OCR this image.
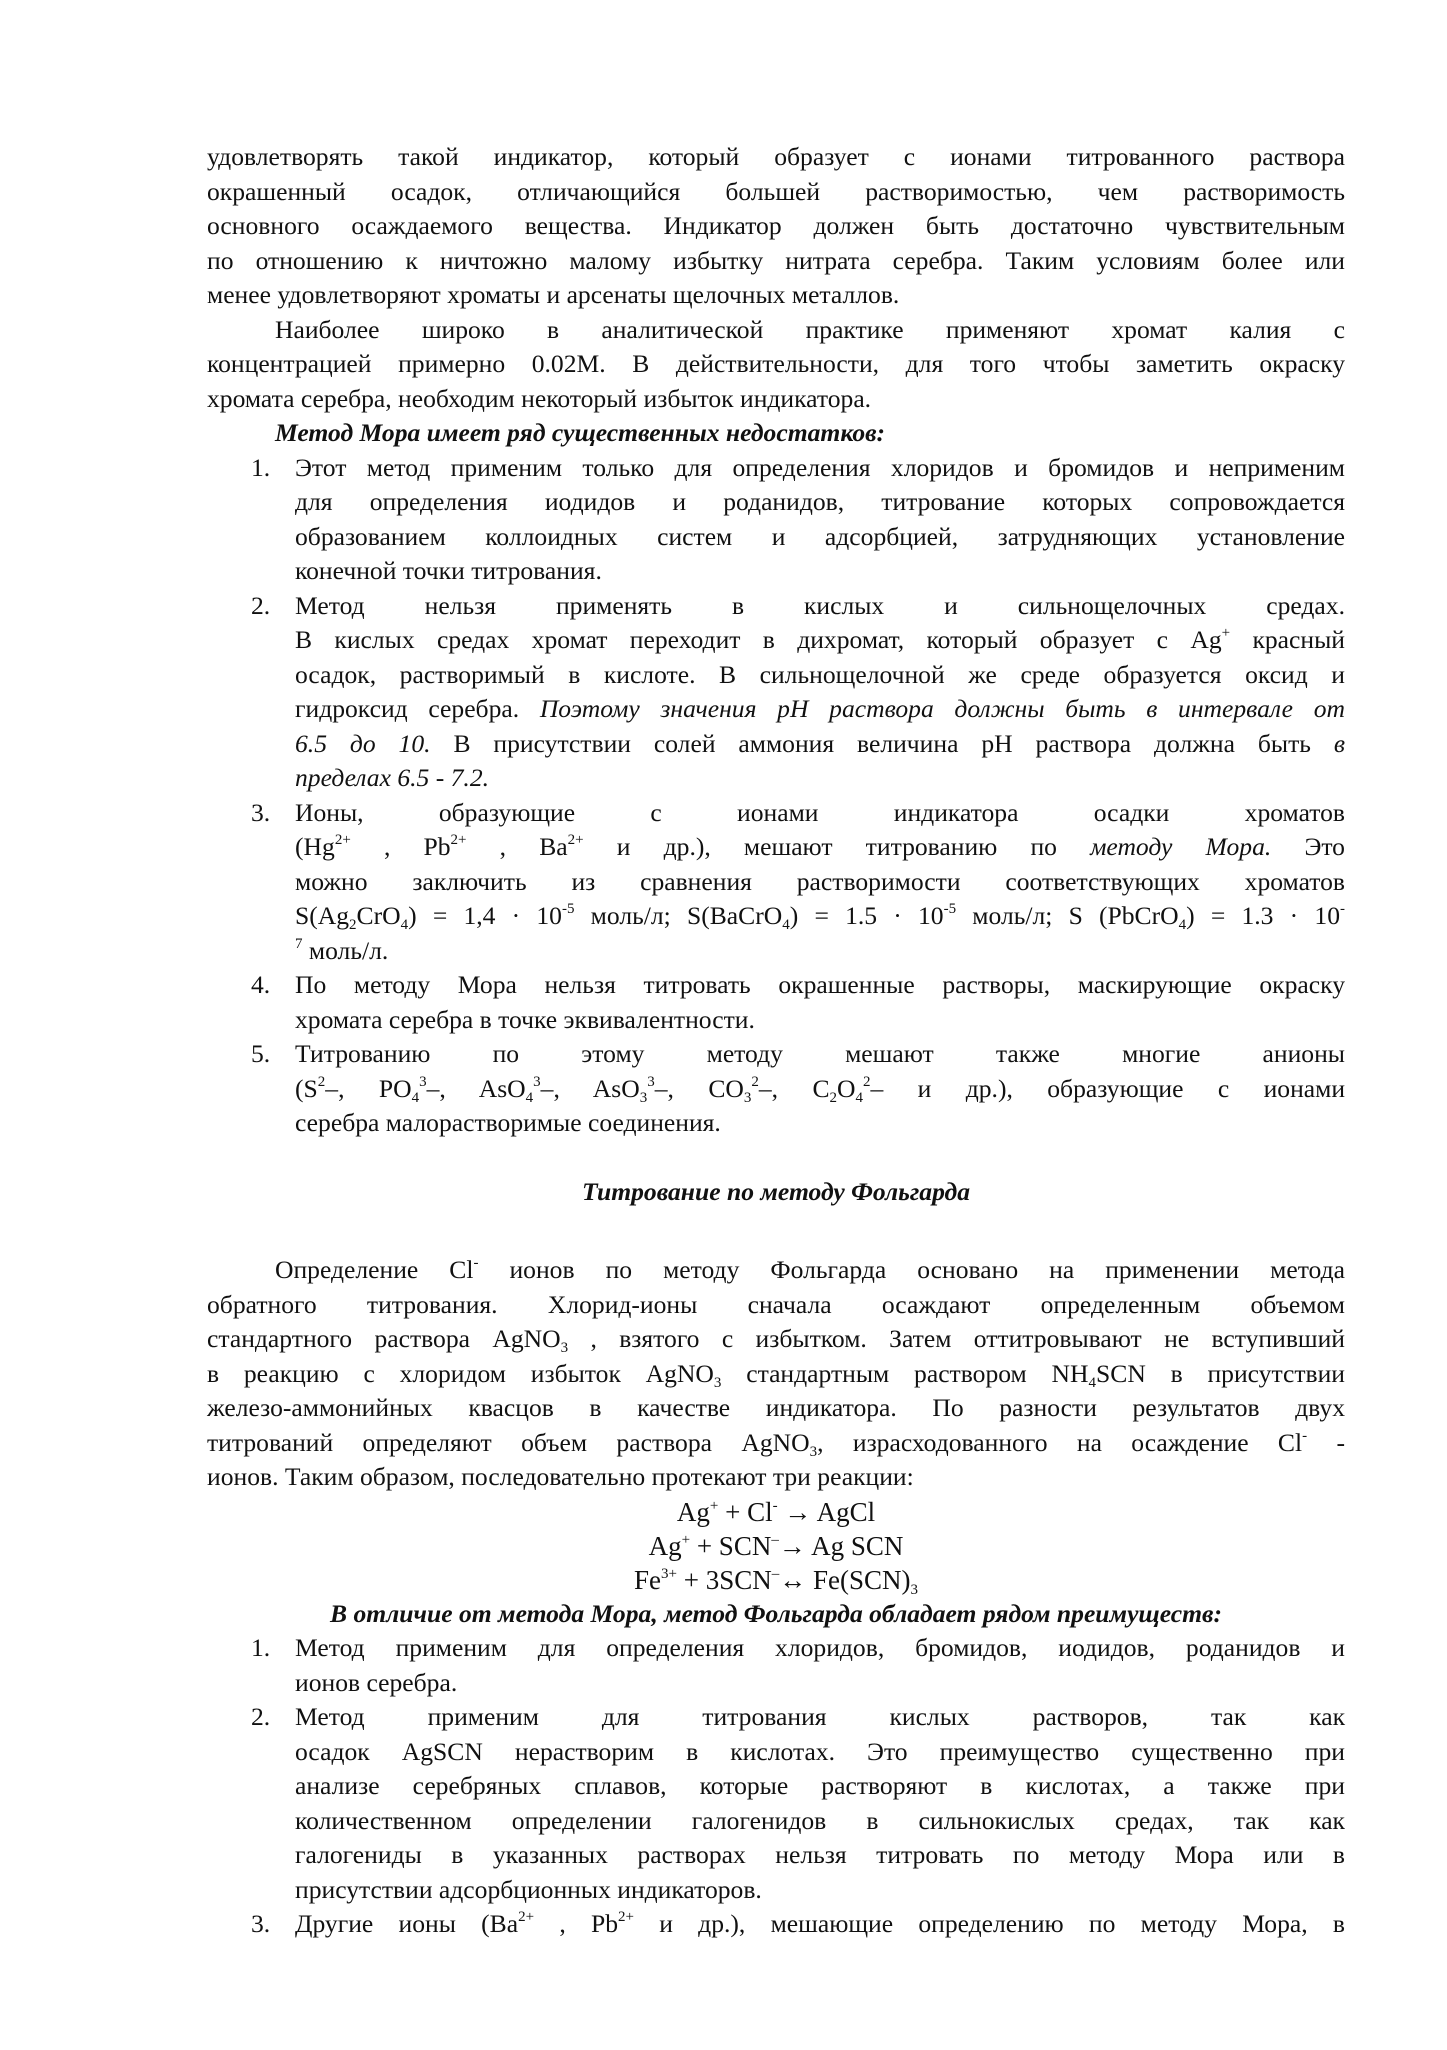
удовлетворять такой индикатор, который образует с ионами титрованного раствора

окрашенный осадок, отличающийся большей растворимостью, чем растворимость

основного осаждаемого вещества. Индикатор должен быть достаточно чувствительным

по отношению к ничтожно малому избытку нитрата серебра. Таким условиям более или

менее удовлетворяют хроматы и арсенаты щелочных металлов.

Наиболее широко в аналитической практике применяют хромат калия с

концентрацией примерно 0.02М. В действительности, для того чтобы заметить окраску

хромата серебра, необходим некоторый избыток индикатора.

Метод Мора имеет ряд существенных недостатков:

1. Этот метод применим только для определения хлоридов и бромидов и неприменим

для определения иодидов и роданидов, титрование которых сопровождается

образованием коллоидных систем и адсорбцией, затрудняющих установление

конечной точки титрования.

2. Метод нельзя применять в кислых и сильнощелочных средах.

В кислых средах хромат переходит в дихромат, который образует с Ag+ красный

осадок, растворимый в кислоте. В сильнощелочной же среде образуется оксид и

гидроксид серебра. Поэтому значения pH раствора должны быть в интервале от

6.5 до 10. В присутствии солей аммония величина pH раствора должна быть в

пределах 6.5 - 7.2.

3. Ионы, образующие с ионами индикатора осадки хроматов

($Hg^{2+}$ , $Pb^{2+}$ , $Ba^{2+}$ и др.), мешают титрованию по методу Мора. Это

можно заключить из сравнения растворимости соответствующих хроматов

$S(Ag_2CrO_4) = 1,4 \cdot 10^{-5}$ моль/л; S(BaCrO$_4$) = $1.5 \cdot 10^{-5}$ моль/л; S (PbCrO$_4$) = 1.3 · 10-

$^7$ моль/л.

4. По методу Мора нельзя титровать окрашенные растворы, маскирующие окраску

хромата серебра в точке эквивалентности.

5. Титрованию по этому методу мешают также многие анионы

($S^2-$, $PO_4^3-$, AsO$_4^3$–, AsO$_3^3$–, $CO_3^2-$, $C_2O_4^2-$ и др.), образующие с ионами

серебра малорастворимые соединения.

Титрование по методу Фольгарда

Определение Cl- ионов по методу Фольгарда основано на применении метода

обратного титрования. Хлорид-ионы сначала осаждают определенным объемом

стандартного раствора AgNO$_3$ , взятого с избытком. Затем оттитровывают не вступивший

в реакцию с хлоридом избыток AgNO$_3$ стандартным раствором $NH_4SCN$ в присутствии

железо-аммонийных квасцов в качестве индикатора. По разности результатов двух

титрований определяют объем раствора AgNO$_3$, израсходованного на осаждение Cl- -

ионов. Таким образом, последовательно протекают три реакции:

Ag+ + Cl- → AgCl

Ag+ + SCN–→ Ag SCN

$Fe^{3+}$ + 3SCN–↔ $Fe(SCN)_3$

В отличие от метода Мора, метод Фольгарда обладает рядом преимуществ:

1. Метод применим для определения хлоридов, бромидов, иодидов, роданидов и

ионов серебра.

2. Метод применим для титрования кислых растворов, так как

осадок AgSCN нерастворим в кислотах. Это преимущество существенно при

анализе серебряных сплавов, которые растворяют в кислотах, а также при

количественном определении галогенидов в сильнокислых средах, так как

галогениды в указанных растворах нельзя титровать по методу Мора или в

присутствии адсорбционных индикаторов.

3. Другие ионы ($Ba^{2+}$ , $Pb^{2+}$ и др.), мешающие определению по методу Мора, в
